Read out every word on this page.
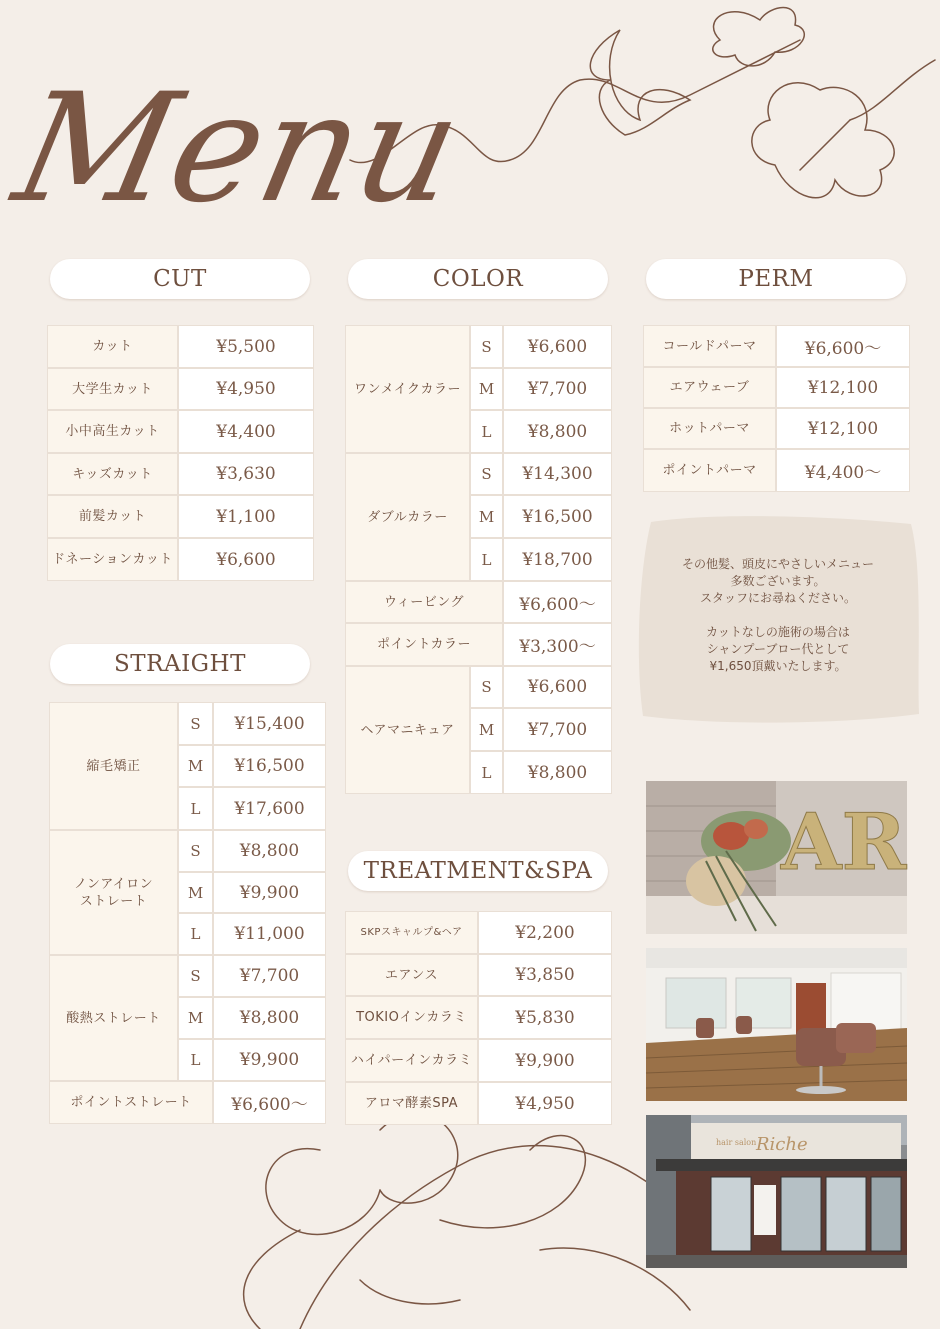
Menu
CUT	COLOR	PERM
STRAIGHT
TREATMENT&SPA
カット	¥5,500
大学生カット	¥4,950
小中高生カット	¥4,400
キッズカット	¥3,630
前髪カット	¥1,100
ドネーションカット	¥6,600
ワンメイクカラー
S	¥6,600
M	¥7,700
L	¥8,800
ダブルカラー
S	¥14,300
M	¥16,500
L	¥18,700
ウィービング	¥6,600〜
ポイントカラー	¥3,300〜
ヘアマニキュア
S	¥6,600
M	¥7,700
L	¥8,800
コールドパーマ	¥6,600〜
エアウェーブ	¥12,100
ホットパーマ	¥12,100
ポイントパーマ	¥4,400〜
その他髪、頭皮にやさしいメニュー
多数ございます。
スタッフにお尋ねください。
カットなしの施術の場合は
シャンプーブロー代として
¥1,650頂戴いたします。
縮毛矯正
S	¥15,400
M	¥16,500
L	¥17,600
ノンアイロン
ストレート
S	¥8,800
M	¥9,900
L	¥11,000
酸熱ストレート
S	¥7,700
M	¥8,800
L	¥9,900
ポイントストレート	¥6,600〜
SKPスキャルプ&ヘア	¥2,200
エアンス	¥3,850
TOKIOインカラミ	¥5,830
ハイパーインカラミ	¥9,900
アロマ酵素SPA	¥4,950
AR
hair salon Riche
